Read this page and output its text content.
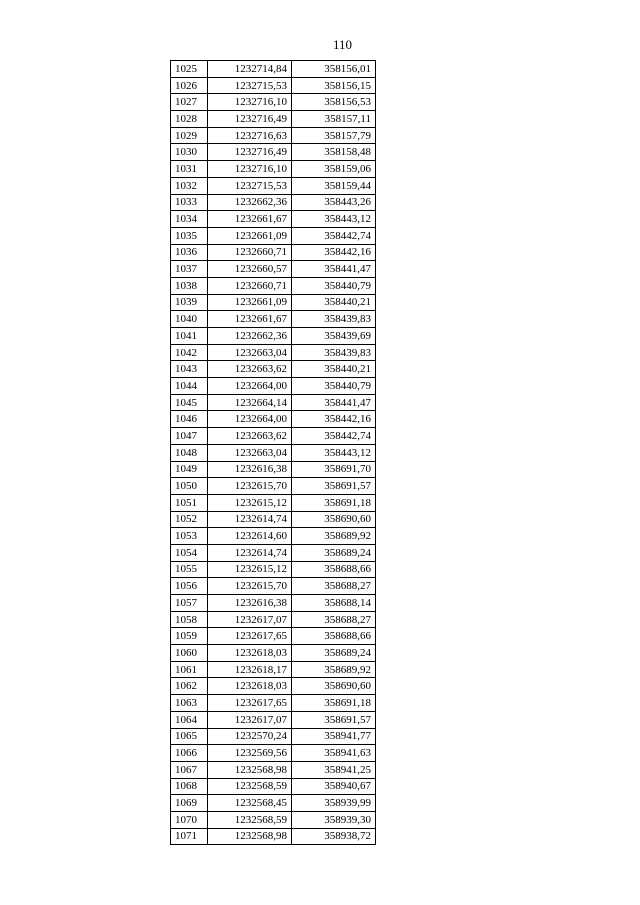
110
1025	1232714,84	358156,01
1026	1232715,53	358156,15
1027	1232716,10	358156,53
1028	1232716,49	358157,11
1029	1232716,63	358157,79
1030	1232716,49	358158,48
1031	1232716,10	358159,06
1032	1232715,53	358159,44
1033	1232662,36	358443,26
1034	1232661,67	358443,12
1035	1232661,09	358442,74
1036	1232660,71	358442,16
1037	1232660,57	358441,47
1038	1232660,71	358440,79
1039	1232661,09	358440,21
1040	1232661,67	358439,83
1041	1232662,36	358439,69
1042	1232663,04	358439,83
1043	1232663,62	358440,21
1044	1232664,00	358440,79
1045	1232664,14	358441,47
1046	1232664,00	358442,16
1047	1232663,62	358442,74
1048	1232663,04	358443,12
1049	1232616,38	358691,70
1050	1232615,70	358691,57
1051	1232615,12	358691,18
1052	1232614,74	358690,60
1053	1232614,60	358689,92
1054	1232614,74	358689,24
1055	1232615,12	358688,66
1056	1232615,70	358688,27
1057	1232616,38	358688,14
1058	1232617,07	358688,27
1059	1232617,65	358688,66
1060	1232618,03	358689,24
1061	1232618,17	358689,92
1062	1232618,03	358690,60
1063	1232617,65	358691,18
1064	1232617,07	358691,57
1065	1232570,24	358941,77
1066	1232569,56	358941,63
1067	1232568,98	358941,25
1068	1232568,59	358940,67
1069	1232568,45	358939,99
1070	1232568,59	358939,30
1071	1232568,98	358938,72
